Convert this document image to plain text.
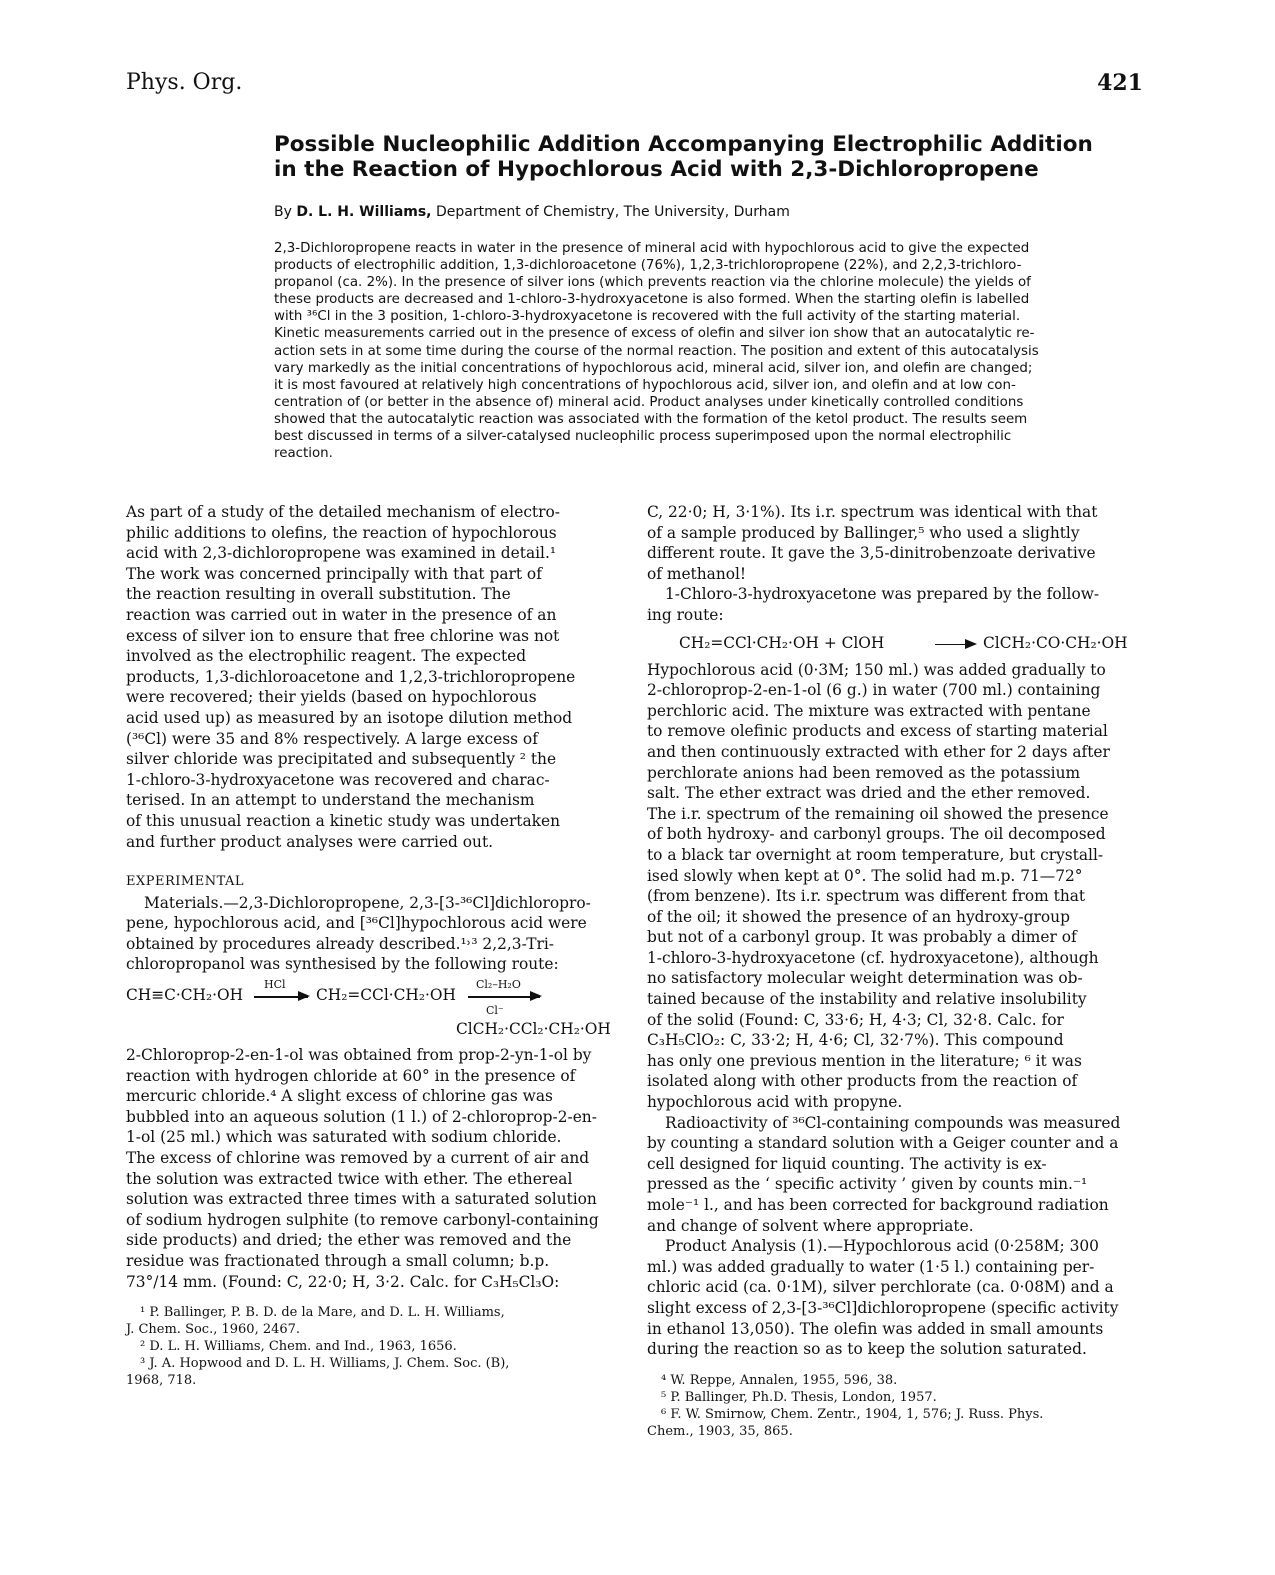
Phys. Org.	421
Possible Nucleophilic Addition Accompanying Electrophilic Addition
in the Reaction of Hypochlorous Acid with 2,3-Dichloropropene
By D. L. H. Williams, Department of Chemistry, The University, Durham
2,3-Dichloropropene reacts in water in the presence of mineral acid with hypochlorous acid to give the expected
products of electrophilic addition, 1,3-dichloroacetone (76%), 1,2,3-trichloropropene (22%), and 2,2,3-trichloro-
propanol (ca. 2%). In the presence of silver ions (which prevents reaction via the chlorine molecule) the yields of
these products are decreased and 1-chloro-3-hydroxyacetone is also formed. When the starting olefin is labelled
with ³⁶Cl in the 3 position, 1-chloro-3-hydroxyacetone is recovered with the full activity of the starting material.
Kinetic measurements carried out in the presence of excess of olefin and silver ion show that an autocatalytic re-
action sets in at some time during the course of the normal reaction. The position and extent of this autocatalysis
vary markedly as the initial concentrations of hypochlorous acid, mineral acid, silver ion, and olefin are changed;
it is most favoured at relatively high concentrations of hypochlorous acid, silver ion, and olefin and at low con-
centration of (or better in the absence of) mineral acid. Product analyses under kinetically controlled conditions
showed that the autocatalytic reaction was associated with the formation of the ketol product. The results seem
best discussed in terms of a silver-catalysed nucleophilic process superimposed upon the normal electrophilic
reaction.
As part of a study of the detailed mechanism of electro-
philic additions to olefins, the reaction of hypochlorous
acid with 2,3-dichloropropene was examined in detail.¹
The work was concerned principally with that part of
the reaction resulting in overall substitution. The
reaction was carried out in water in the presence of an
excess of silver ion to ensure that free chlorine was not
involved as the electrophilic reagent. The expected
products, 1,3-dichloroacetone and 1,2,3-trichloropropene
were recovered; their yields (based on hypochlorous
acid used up) as measured by an isotope dilution method
(³⁶Cl) were 35 and 8% respectively. A large excess of
silver chloride was precipitated and subsequently ² the
1-chloro-3-hydroxyacetone was recovered and charac-
terised. In an attempt to understand the mechanism
of this unusual reaction a kinetic study was undertaken
and further product analyses were carried out.
EXPERIMENTAL
Materials.—2,3-Dichloropropene, 2,3-[3-³⁶Cl]dichloropro-
pene, hypochlorous acid, and [³⁶Cl]hypochlorous acid were
obtained by procedures already described.¹˒³ 2,2,3-Tri-
chloropropanol was synthesised by the following route:
CH≡C·CH₂·OH
HCl
→ CH₂=CCl·CH₂·OH
Cl₂–H₂O
Cl⁻
ClCH₂·CCl₂·CH₂·OH
2-Chloroprop-2-en-1-ol was obtained from prop-2-yn-1-ol by
reaction with hydrogen chloride at 60° in the presence of
mercuric chloride.⁴ A slight excess of chlorine gas was
bubbled into an aqueous solution (1 l.) of 2-chloroprop-2-en-
1-ol (25 ml.) which was saturated with sodium chloride.
The excess of chlorine was removed by a current of air and
the solution was extracted twice with ether. The ethereal
solution was extracted three times with a saturated solution
of sodium hydrogen sulphite (to remove carbonyl-containing
side products) and dried; the ether was removed and the
residue was fractionated through a small column; b.p.
73°/14 mm. (Found: C, 22·0; H, 3·2. Calc. for C₃H₅Cl₃O:
¹ P. Ballinger, P. B. D. de la Mare, and D. L. H. Williams,
J. Chem. Soc., 1960, 2467.
² D. L. H. Williams, Chem. and Ind., 1963, 1656.
³ J. A. Hopwood and D. L. H. Williams, J. Chem. Soc. (B),
1968, 718.
C, 22·0; H, 3·1%). Its i.r. spectrum was identical with that
of a sample produced by Ballinger,⁵ who used a slightly
different route. It gave the 3,5-dinitrobenzoate derivative
of methanol!
1-Chloro-3-hydroxyacetone was prepared by the follow-
ing route:
CH₂=CCl·CH₂·OH + ClOH	→ ClCH₂·CO·CH₂·OH
Hypochlorous acid (0·3M; 150 ml.) was added gradually to
2-chloroprop-2-en-1-ol (6 g.) in water (700 ml.) containing
perchloric acid. The mixture was extracted with pentane
to remove olefinic products and excess of starting material
and then continuously extracted with ether for 2 days after
perchlorate anions had been removed as the potassium
salt. The ether extract was dried and the ether removed.
The i.r. spectrum of the remaining oil showed the presence
of both hydroxy- and carbonyl groups. The oil decomposed
to a black tar overnight at room temperature, but crystall-
ised slowly when kept at 0°. The solid had m.p. 71—72°
(from benzene). Its i.r. spectrum was different from that
of the oil; it showed the presence of an hydroxy-group
but not of a carbonyl group. It was probably a dimer of
1-chloro-3-hydroxyacetone (cf. hydroxyacetone), although
no satisfactory molecular weight determination was ob-
tained because of the instability and relative insolubility
of the solid (Found: C, 33·6; H, 4·3; Cl, 32·8. Calc. for
C₃H₅ClO₂: C, 33·2; H, 4·6; Cl, 32·7%). This compound
has only one previous mention in the literature; ⁶ it was
isolated along with other products from the reaction of
hypochlorous acid with propyne.
Radioactivity of ³⁶Cl-containing compounds was measured
by counting a standard solution with a Geiger counter and a
cell designed for liquid counting. The activity is ex-
pressed as the ‘ specific activity ’ given by counts min.⁻¹
mole⁻¹ l., and has been corrected for background radiation
and change of solvent where appropriate.
Product Analysis (1).—Hypochlorous acid (0·258M; 300
ml.) was added gradually to water (1·5 l.) containing per-
chloric acid (ca. 0·1M), silver perchlorate (ca. 0·08M) and a
slight excess of 2,3-[3-³⁶Cl]dichloropropene (specific activity
in ethanol 13,050). The olefin was added in small amounts
during the reaction so as to keep the solution saturated.
⁴ W. Reppe, Annalen, 1955, 596, 38.
⁵ P. Ballinger, Ph.D. Thesis, London, 1957.
⁶ F. W. Smirnow, Chem. Zentr., 1904, 1, 576; J. Russ. Phys.
Chem., 1903, 35, 865.
